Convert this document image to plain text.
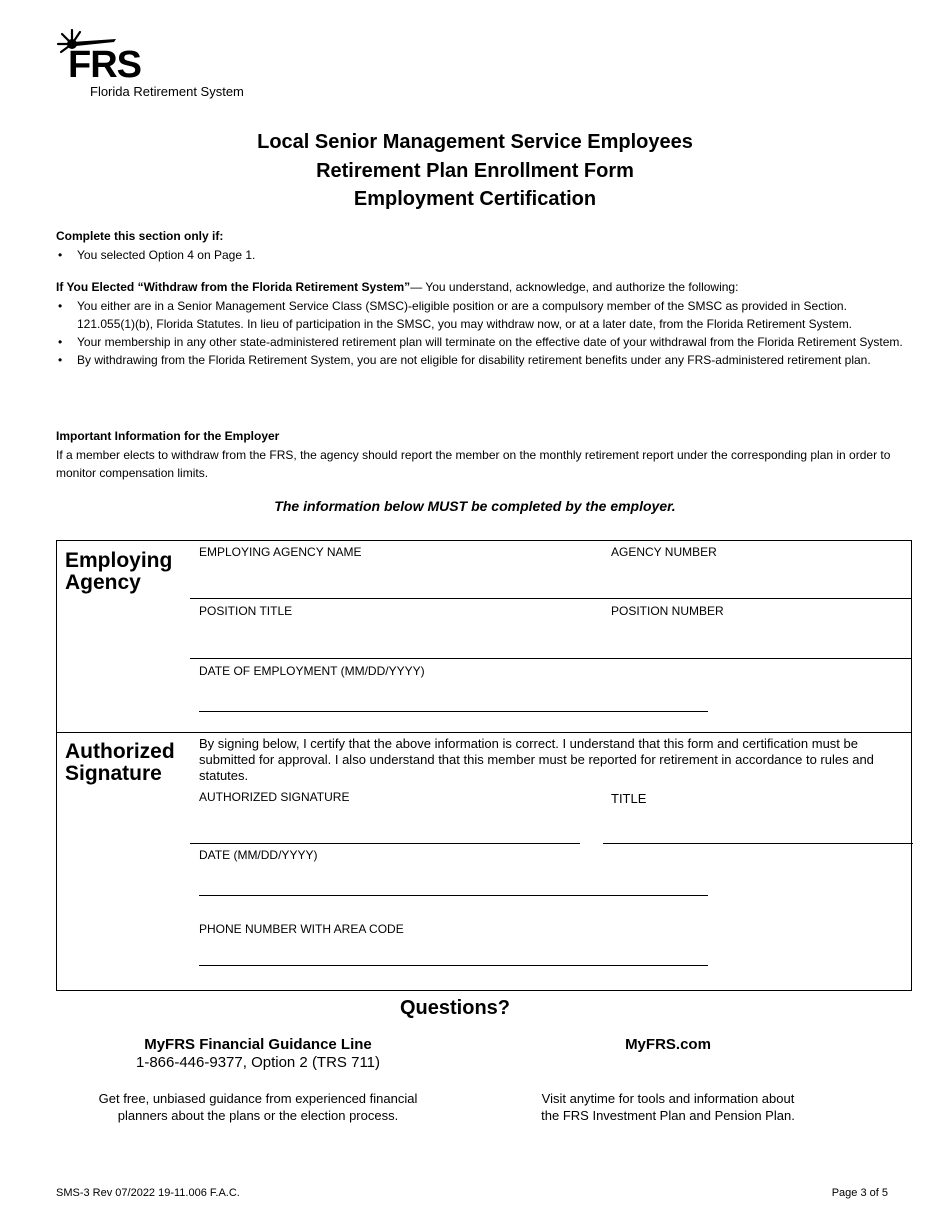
FRS
Florida Retirement System
Local Senior Management Service Employees
Retirement Plan Enrollment Form
Employment Certification
Complete this section only if:
• You selected Option 4 on Page 1.
If You Elected “Withdraw from the Florida Retirement System”— You understand, acknowledge, and authorize the following:
• You either are in a Senior Management Service Class (SMSC)-eligible position or are a compulsory member of the SMSC as provided in Section. 121.055(1)(b), Florida Statutes. In lieu of participation in the SMSC, you may withdraw now, or at a later date, from the Florida Retirement System.
• Your membership in any other state-administered retirement plan will terminate on the effective date of your withdrawal from the Florida Retirement System.
• By withdrawing from the Florida Retirement System, you are not eligible for disability retirement benefits under any FRS-administered retirement plan.
Important Information for the Employer
If a member elects to withdraw from the FRS, the agency should report the member on the monthly retirement report under the corresponding plan in order to monitor compensation limits.
The information below MUST be completed by the employer.
Employing
Agency
EMPLOYING AGENCY NAME	AGENCY NUMBER
POSITION TITLE	POSITION NUMBER
DATE OF EMPLOYMENT (MM/DD/YYYY)
Authorized
Signature
By signing below, I certify that the above information is correct. I understand that this form and certification must be submitted for approval. I also understand that this member must be reported for retirement in accordance to rules and statutes.
AUTHORIZED SIGNATURE	TITLE
DATE (MM/DD/YYYY)
PHONE NUMBER WITH AREA CODE
Questions?
MyFRS Financial Guidance Line
1-866-446-9377, Option 2 (TRS 711)
Get free, unbiased guidance from experienced financial
planners about the plans or the election process.
MyFRS.com
Visit anytime for tools and information about
the FRS Investment Plan and Pension Plan.
SMS-3 Rev 07/2022 19-11.006 F.A.C.	Page 3 of 5
